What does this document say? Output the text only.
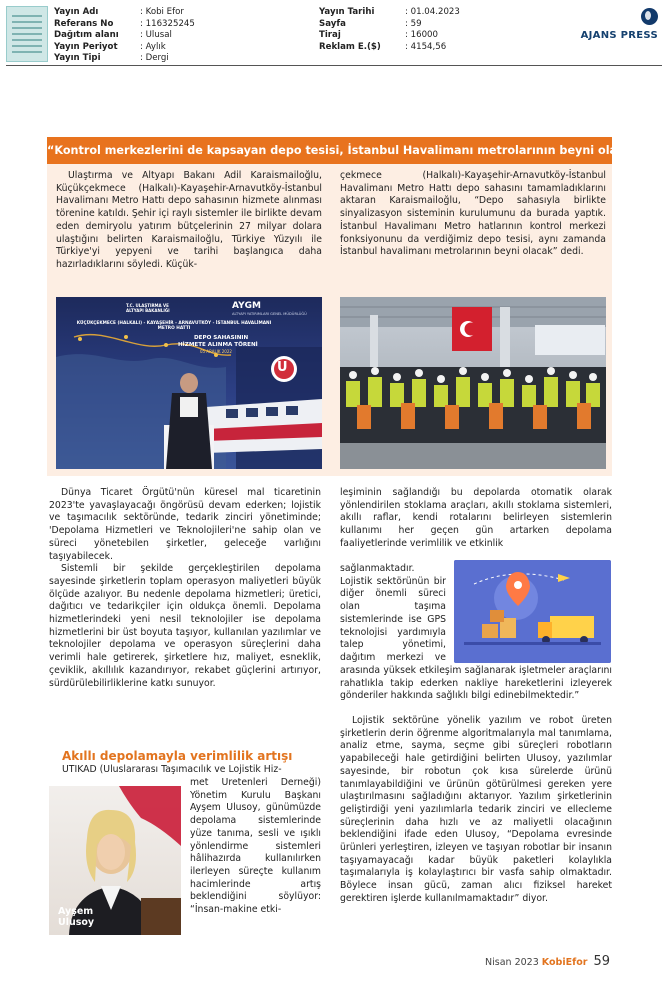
Yayın Adı	: Kobi Efor
Referans No	: 116325245
Dağıtım alanı : Ulusal
Yayın Periyot	: Aylık
Yayın Tipi	: Dergi
Yayın Tarihi	: 01.04.2023
Sayfa	: 59
Tiraj	: 16000
Reklam E.($)	: 4154,56
AJANS PRESS
“Kontrol merkezlerini de kapsayan depo tesisi, İstanbul Havalimanı metrolarının beyni olacak”

Ulaştırma ve Altyapı Bakanı Adil Karaismailoğlu, Küçükçekmece (Halkalı)-Kayaşehir-Arnavutköy-İstanbul Havalimanı Metro Hattı depo sahasının hizmete alınması törenine katıldı. Şehir içi raylı sistemler ile birlikte devam eden demiryolu yatırım bütçelerinin 27 milyar dolara ulaştığını belirten Karaismailoğlu, Türkiye Yüzyılı ile Türkiye'yi yepyeni ve tarihi başlangıca daha hazırladıklarını söyledi. Küçük-

çekmece (Halkalı)-Kayaşehir-Arnavutköy-İstanbul Havalimanı Metro Hattı depo sahasını tamamladıklarını aktaran Karaismailoğlu, “Depo sahasıyla birlikte sinyalizasyon sisteminin kurulumunu da burada yaptık. İstanbul Havalimanı Metro hatlarının kontrol merkezi fonksiyonunu da verdiğimiz depo tesisi, aynı zamanda İstanbul havalimanı metrolarının beyni olacak” dedi.

T.C. ULAŞTIRMA VE ALTYAPI BAKANLIĞI	AYGM
ALTYAPI YATIRIMLARI GENEL MÜDÜRLÜĞÜ
KÜÇÜKÇEKMECE (HALKALI) - KAYAŞEHİR - ARNAVUTKÖY - İSTANBUL HAVALİMANI METRO HATTI
DEPO SAHASININ
HİZMETE ALINMA TÖRENİ
05 ARALIK 2022
U

Dünya Ticaret Örgütü'nün küresel mal ticaretinin 2023'te yavaşlayacağı öngörüsü devam ederken; lojistik ve taşımacılık sektöründe, tedarik zinciri yönetiminde; 'Depolama Hizmetleri ve Teknolojileri'ne sahip olan ve süreci yönetebilen şirketler, geleceğe varlığını taşıyabilecek.

Sistemli bir şekilde gerçekleştirilen depolama sayesinde şirketlerin toplam operasyon maliyetleri büyük ölçüde azalıyor. Bu nedenle depolama hizmetleri; üretici, dağıtıcı ve tedarikçiler için oldukça önemli. Depolama hizmetlerindeki yeni nesil teknolojiler ise depolama hizmetlerini bir üst boyuta taşıyor, kullanılan yazılımlar ve teknolojiler depolama ve operasyon süreçlerini daha verimli hale getirerek, şirketlere hız, maliyet, esneklik, çeviklik, akıllılık kazandırıyor, rekabet güçlerini artırıyor, sürdürülebilirliklerine katkı sunuyor.

Akıllı depolamayla verimlilik artışı

UTİKAD (Uluslararası Taşımacılık ve Lojistik Hiz-

Ayşem Ulusoy

met Üretenleri Derneği) Yönetim Kurulu Başkanı Ayşem Ulusoy, günümüzde depolama sistemlerinde yüze tanıma, sesli ve ışıklı yönlendirme sistemleri hâlihazırda kullanılırken ilerleyen süreçte kullanım hacimlerinde artış beklendiğini söylüyor: “İnsan-makine etki-

leşiminin sağlandığı bu depolarda otomatik olarak yönlendirilen stoklama araçları, akıllı stoklama sistemleri, akıllı raflar, kendi rotalarını belirleyen sistemlerin kullanımı her geçen gün artarken depolama faaliyetlerinde verimlilik ve etkinlik

sağlanmaktadır. Lojistik sektörünün bir diğer önemli süreci olan taşıma sistemlerinde ise GPS teknolojisi yardımıyla talep yönetimi, dağıtım merkezi ve

arasında yüksek etkileşim sağlanarak işletmeler araçlarını rahatlıkla takip ederken nakliye hareketlerini izleyerek gönderiler hakkında sağlıklı bilgi edinebilmektedir.”

Lojistik sektörüne yönelik yazılım ve robot üreten şirketlerin derin öğrenme algoritmalarıyla mal tanımlama, analiz etme, sayma, seçme gibi süreçleri robotların yapabileceği hale getirdiğini belirten Ulusoy, yazılımlar sayesinde, bir robotun çok kısa sürelerde ürünü tanımlayabildiğini ve ürünün götürülmesi gereken yere ulaştırılmasını sağladığını aktarıyor. Yazılım şirketlerinin geliştirdiği yeni yazılımlarla tedarik zinciri ve ellecleme süreçlerinin daha hızlı ve az maliyetli olacağının beklendiğini ifade eden Ulusoy, “Depolama evresinde ürünleri yerleştiren, izleyen ve taşıyan robotlar bir insanın taşıyamayacağı kadar büyük paketleri kolaylıkla taşımalarıyla iş kolaylaştırıcı bir vasfa sahip olmaktadır. Böylece insan gücü, zaman alıcı fiziksel hareket gerektiren işlerde kullanılmamaktadır” diyor.

Nisan 2023 KobiEfor 59
